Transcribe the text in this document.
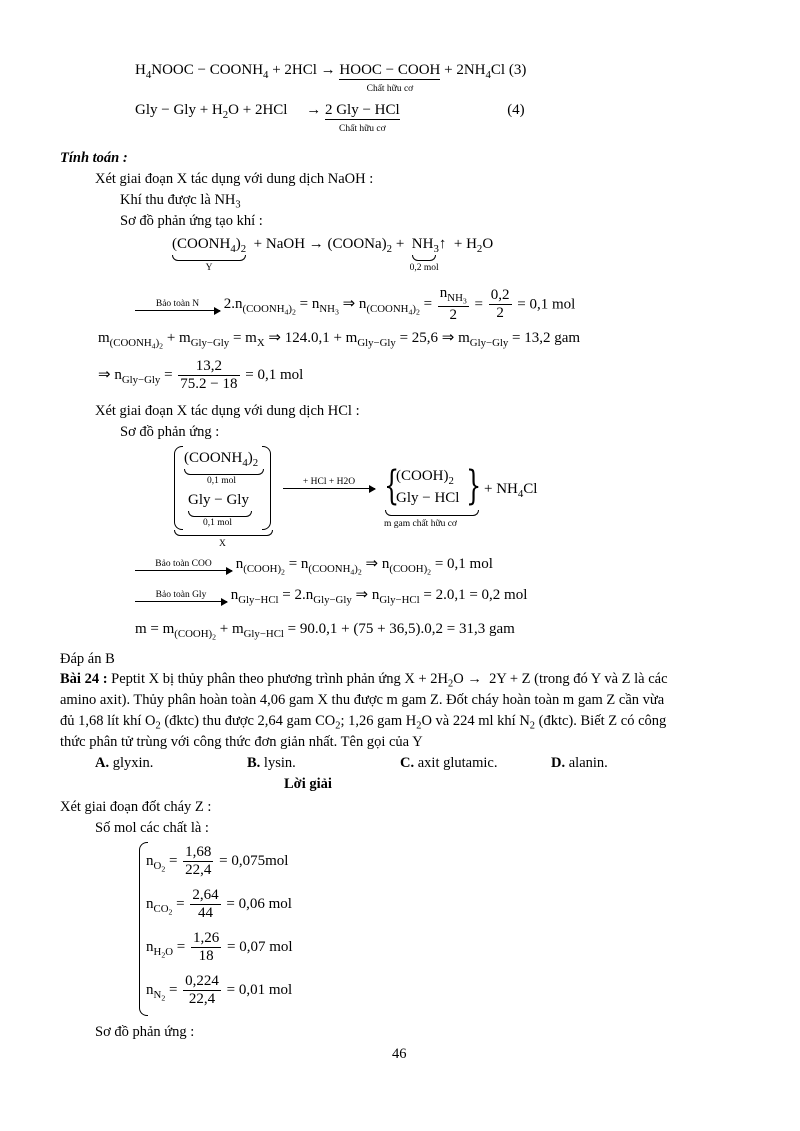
$H_4NOOC$ − $COONH_4 + 2HCl$ → HOOC − COOH
Chất hữu cơ
+ $2NH_4Cl$ (3)
Gly − Gly + $H_2O + 2HCl$     → 2 Gly − HCl
Chất hữu cơ
(4)
Tính toán :
Xét giai đoạn X tác dụng với dung dịch NaOH :
Khí thu được là $NH_3$
Sơ đồ phản ứng tạo khí :
$(COONH_4)_2$
Y
+ NaOH → $(COONa)_2$ +  $NH_3↑$
0,2 mol
+ $H_2O$
Bảo toàn N	$2.n_{(COONH_4)_2} = n_{NH_3}$ ⇒ $n_{(COONH_4)_2} = \frac{n_{NH_3}}{2} = \frac{0,2}{2} = 0,1$ mol
$m_{(COONH_4)_2} + m_{Gly-Gly} = m_X$ ⇒ $124.0,1 + m_{Gly-Gly} = 25,6$ ⇒ $m_{Gly-Gly} = 13,2$ gam
⇒ $n_{Gly-Gly} = \frac{13,2}{75.2 - 18} = 0,1$ mol
Xét giai đoạn X tác dụng với dung dịch HCl :
Sơ đồ phản ứng :
$(COONH_4)_2$
0,1 mol
Gly − Gly
0,1 mol
X
+ HCl + H2O {
$(COOH)_2$
Gly − HCl }
m gam chất hữu cơ
+ $NH_4Cl$
Bảo toàn COO	$n_{(COOH)_2} = n_{(COONH_4)_2}$ ⇒ $n_{(COOH)_2} = 0,1$ mol
Bảo toàn Gly	$n_{Gly-HCl} = 2.n_{Gly-Gly}$ ⇒ $n_{Gly-HCl} = 2.0,1 = 0,2$ mol
$m = m_{(COOH)_2} + m_{Gly-HCl} = 90.0,1 + (75 + 36,5).0,2 = 31,3$ gam
Đáp án B
Bài 24 : Peptit X bị thủy phân theo phương trình phản ứng $X + 2H_2O \to 2Y + Z$ (trong đó Y và Z là các
amino axit). Thủy phân hoàn toàn 4,06 gam X thu được m gam Z. Đốt cháy hoàn toàn m gam Z cần vừa
đủ 1,68 lít khí $O_2$ (đktc) thu được 2,64 gam $CO_2$; 1,26 gam $H_2O$ và 224 ml khí $N_2$ (đktc). Biết Z có công
thức phân tử trùng với công thức đơn giản nhất. Tên gọi của Y
A. glyxin.	B. lysin.	C. axit glutamic.	D. alanin.
Lời giải
Xét giai đoạn đốt cháy Z :
Số mol các chất là :
$n_{O_2} = \frac{1,68}{22,4} = 0,075mol$
$n_{CO_2} = \frac{2,64}{44} = 0,06$ mol
$n_{H_2O} = \frac{1,26}{18} = 0,07$ mol
$n_{N_2} = \frac{0,224}{22,4} = 0,01$ mol
Sơ đồ phản ứng :
46
